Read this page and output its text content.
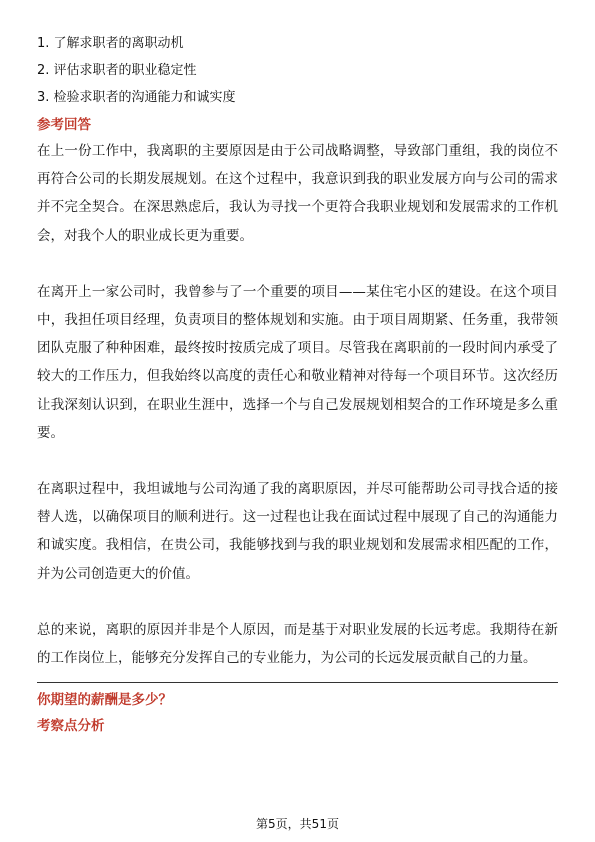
1. 了解求职者的离职动机
2. 评估求职者的职业稳定性
3. 检验求职者的沟通能力和诚实度
参考回答

在上一份工作中，我离职的主要原因是由于公司战略调整，导致部门重组，我的岗位不再符合公司的长期发展规划。在这个过程中，我意识到我的职业发展方向与公司的需求并不完全契合。在深思熟虑后，我认为寻找一个更符合我职业规划和发展需求的工作机会，对我个人的职业成长更为重要。

在离开上一家公司时，我曾参与了一个重要的项目——某住宅小区的建设。在这个项目中，我担任项目经理，负责项目的整体规划和实施。由于项目周期紧、任务重，我带领团队克服了种种困难，最终按时按质完成了项目。尽管我在离职前的一段时间内承受了较大的工作压力，但我始终以高度的责任心和敬业精神对待每一个项目环节。这次经历让我深刻认识到，在职业生涯中，选择一个与自己发展规划相契合的工作环境是多么重要。

在离职过程中，我坦诚地与公司沟通了我的离职原因，并尽可能帮助公司寻找合适的接替人选，以确保项目的顺利进行。这一过程也让我在面试过程中展现了自己的沟通能力和诚实度。我相信，在贵公司，我能够找到与我的职业规划和发展需求相匹配的工作，并为公司创造更大的价值。

总的来说，离职的原因并非是个人原因，而是基于对职业发展的长远考虑。我期待在新的工作岗位上，能够充分发挥自己的专业能力，为公司的长远发展贡献自己的力量。

你期望的薪酬是多少？
考察点分析
第5页，共51页
